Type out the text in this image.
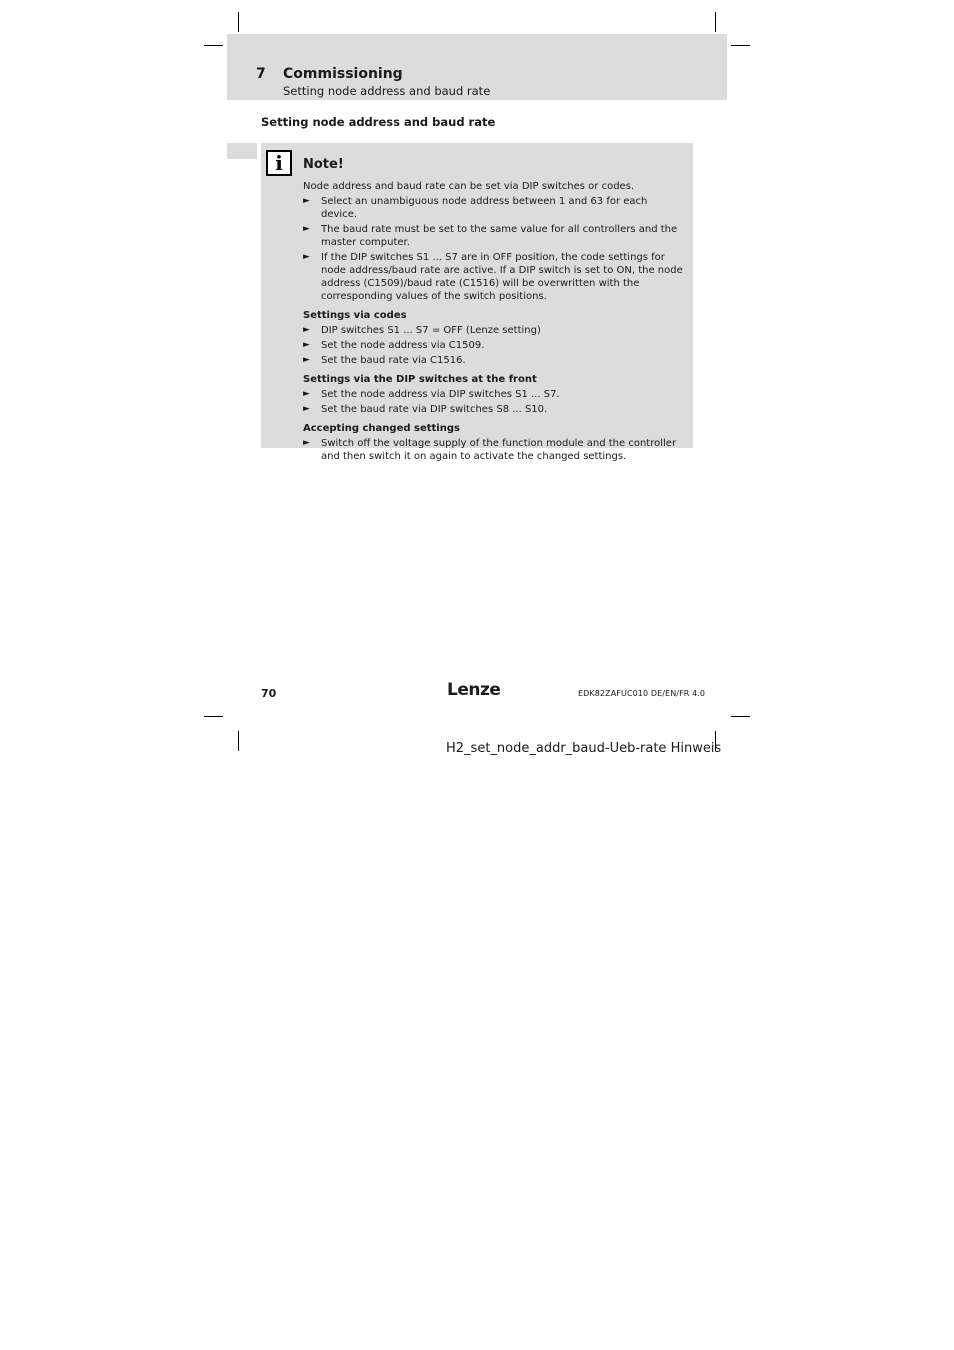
7 Commissioning
Setting node address and baud rate
Setting node address and baud rate
i	Note!

Node address and baud rate can be set via DIP switches or codes.

► Select an unambiguous node address between 1 and 63 for each device.
► The baud rate must be set to the same value for all controllers and the master computer.
► If the DIP switches S1 ... S7 are in OFF position, the code settings for node address/baud rate are active. If a DIP switch is set to ON, the node address (C1509)/baud rate (C1516) will be overwritten with the corresponding values of the switch positions.
Settings via codes
► DIP switches S1 ... S7 = OFF (Lenze setting)
► Set the node address via C1509.
► Set the baud rate via C1516.
Settings via the DIP switches at the front
► Set the node address via DIP switches S1 ... S7.
► Set the baud rate via DIP switches S8 ... S10.
Accepting changed settings
► Switch off the voltage supply of the function module and the controller and then switch it on again to activate the changed settings.
70	Lenze	EDK82ZAFUC010 DE/EN/FR 4.0
H2_set_node_addr_baud-Ueb-rate Hinweis
